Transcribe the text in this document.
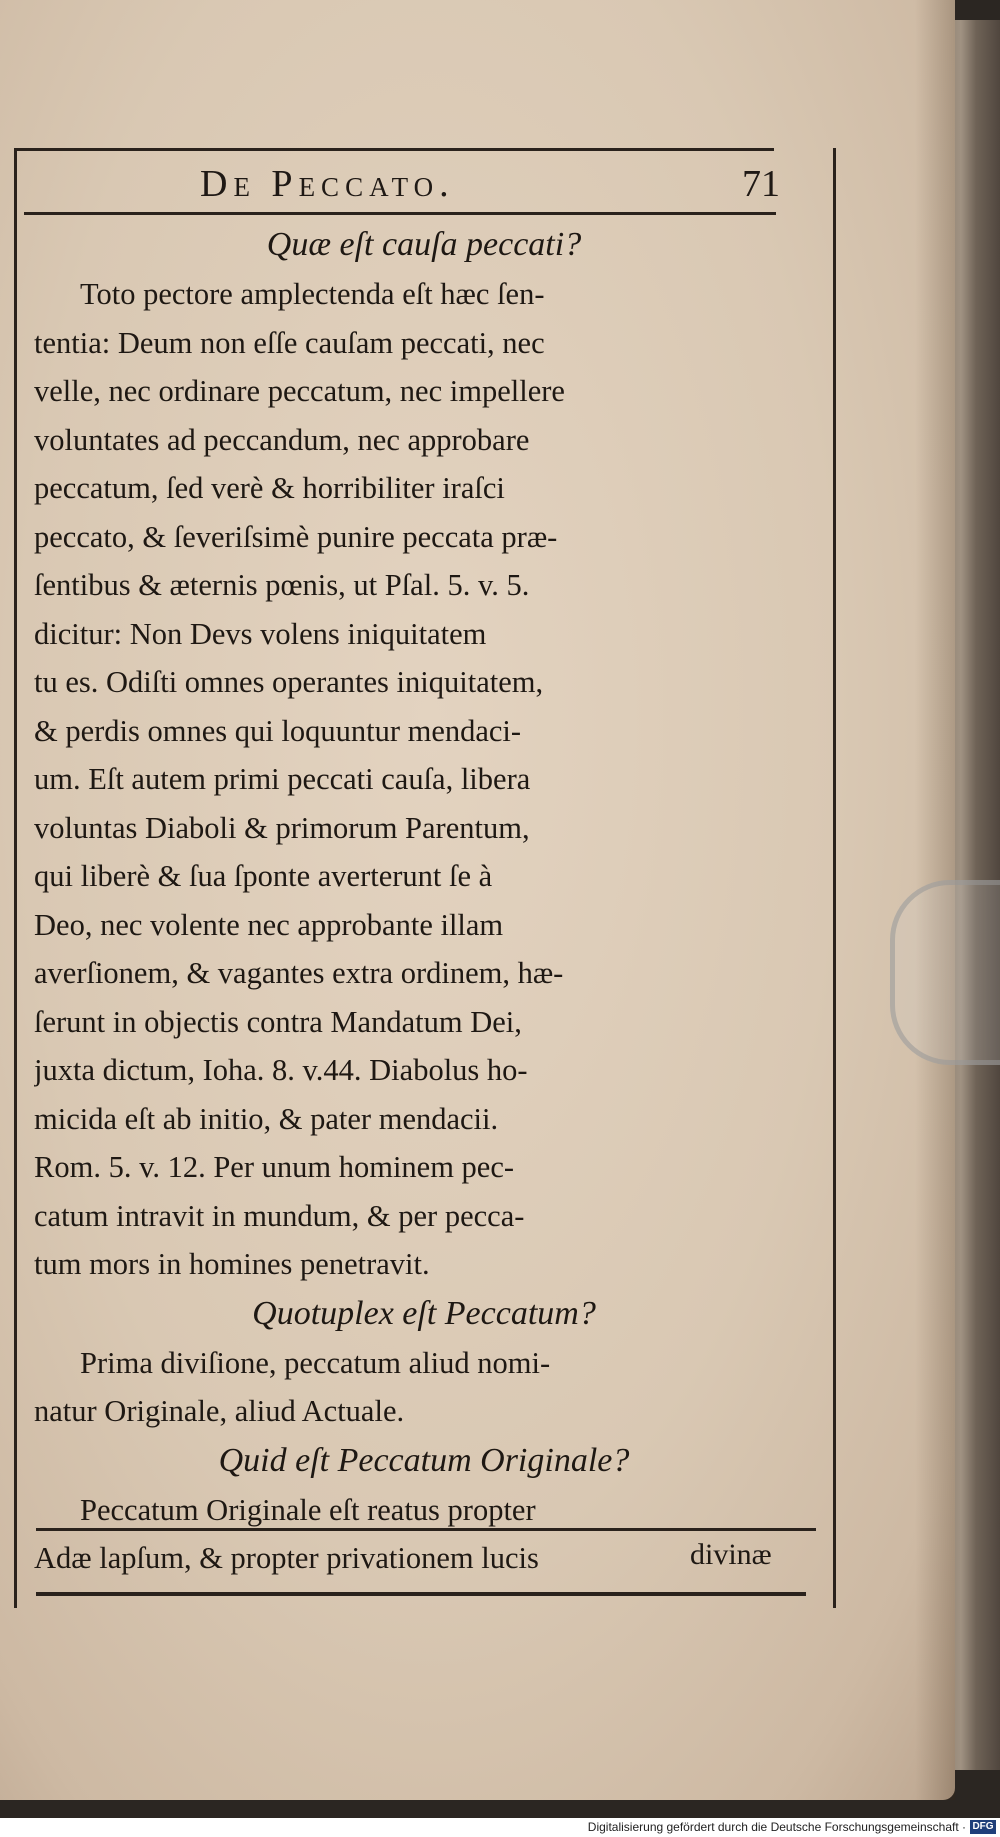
De Peccato.	71

Quæ eſt cauſa peccati?

Toto pectore amplectenda eſt hæc ſen-
tentia: Deum non eſſe cauſam peccati, nec
velle, nec ordinare peccatum, nec impellere
voluntates ad peccandum, nec approbare
peccatum, ſed verè & horribiliter iraſci
peccato, & ſeveriſsimè punire peccata præ-
ſentibus & æternis pœnis, ut Pſal. 5. v. 5.
dicitur: Non Devs volens iniquitatem
tu es. Odiſti omnes operantes iniquitatem,
& perdis omnes qui loquuntur mendaci-
um. Eſt autem primi peccati cauſa, libera
voluntas Diaboli & primorum Parentum,
qui liberè & ſua ſponte averterunt ſe à
Deo, nec volente nec approbante illam
averſionem, & vagantes extra ordinem, hæ-
ſerunt in objectis contra Mandatum Dei,
juxta dictum, Ioha. 8. v.44. Diabolus ho-
micida eſt ab initio, & pater mendacii.
Rom. 5. v. 12. Per unum hominem pec-
catum intravit in mundum, & per pecca-
tum mors in homines penetravit.

Quotuplex eſt Peccatum?

Prima diviſione, peccatum aliud nomi-
natur Originale, aliud Actuale.

Quid eſt Peccatum Originale?

Peccatum Originale eſt reatus propter
Adæ lapſum, & propter privationem lucis	divinæ
Digitalisierung gefördert durch die Deutsche Forschungsgemeinschaft · DFG
